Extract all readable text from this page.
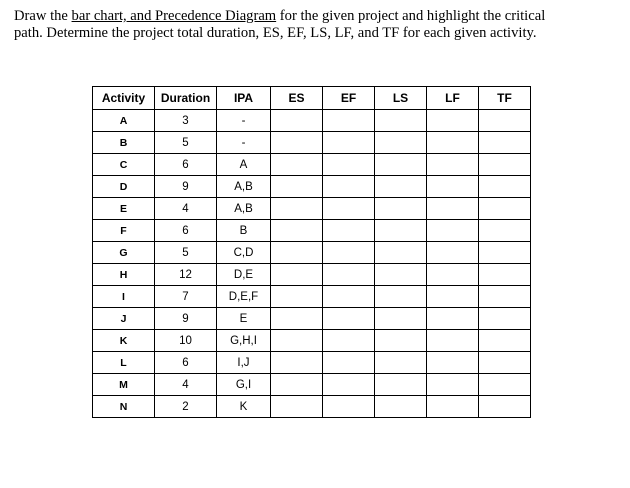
Draw the bar chart, and Precedence Diagram for the given project and highlight the critical
path. Determine the project total duration, ES, EF, LS, LF, and TF for each given activity.

Activity	Duration	IPA	ES	EF	LS	LF	TF
A	3	-					
B	5	-					
C	6	A					
D	9	A,B					
E	4	A,B					
F	6	B					
G	5	C,D					
H	12	D,E					
I	7	D,E,F					
J	9	E					
K	10	G,H,I					
L	6	I,J					
M	4	G,I					
N	2	K					
